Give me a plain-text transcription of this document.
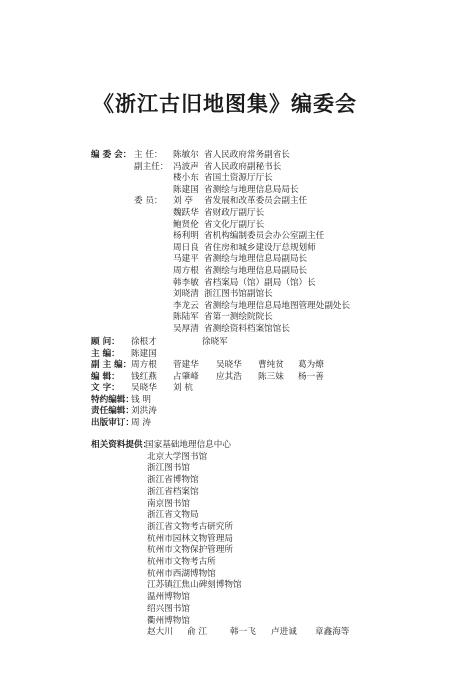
《浙江古旧地图集》编委会
编 委 会： 主 任：
副主任：
委 员：
陈敏尔 省人民政府常务副省长
冯波声 省人民政府副秘书长
楼小东 省国土资源厅厅长
陈建国 省测绘与地理信息局局长
刘 亭 省发展和改革委员会副主任
魏跃华 省财政厅副厅长
鲍贤伦 省文化厅副厅长
杨利明 省机构编制委员会办公室副主任
周日良 省住房和城乡建设厅总规划师
马建平 省测绘与地理信息局副局长
周方根 省测绘与地理信息局副局长
韩李敏 省档案局（馆）副局（馆）长
刘晓清 浙江图书馆副馆长
李龙云 省测绘与地理信息局地图管理处副处长
陈陆军 省第一测绘院院长
吴厚清 省测绘资料档案馆馆长
顾 问： 徐根才	徐晓军
主 编： 陈建国
副 主 编： 周方根 菅建华 吴晓华 曹纯贫 葛为燎
编 辑： 钱红燕 占肇峰 应其浩 陈三妹 杨一善
文 字： 吴晓华 刘 杭
特约编辑：
钱 明
责任编辑：
刘洪涛
出版审订：
周 涛
相关资料提供：
国家基础地理信息中心
北京大学图书馆
浙江图书馆
浙江省博物馆
浙江省档案馆
南京图书馆
浙江省文物局
浙江省文物考古研究所
杭州市园林文物管理局
杭州市文物保护管理所
杭州市文物考古所
杭州市西湖博物馆
江苏镇江焦山碑刻博物馆
温州博物馆
绍兴图书馆
衢州博物馆
赵大川 俞 江	韩一飞 卢进诚 章鑫海等
